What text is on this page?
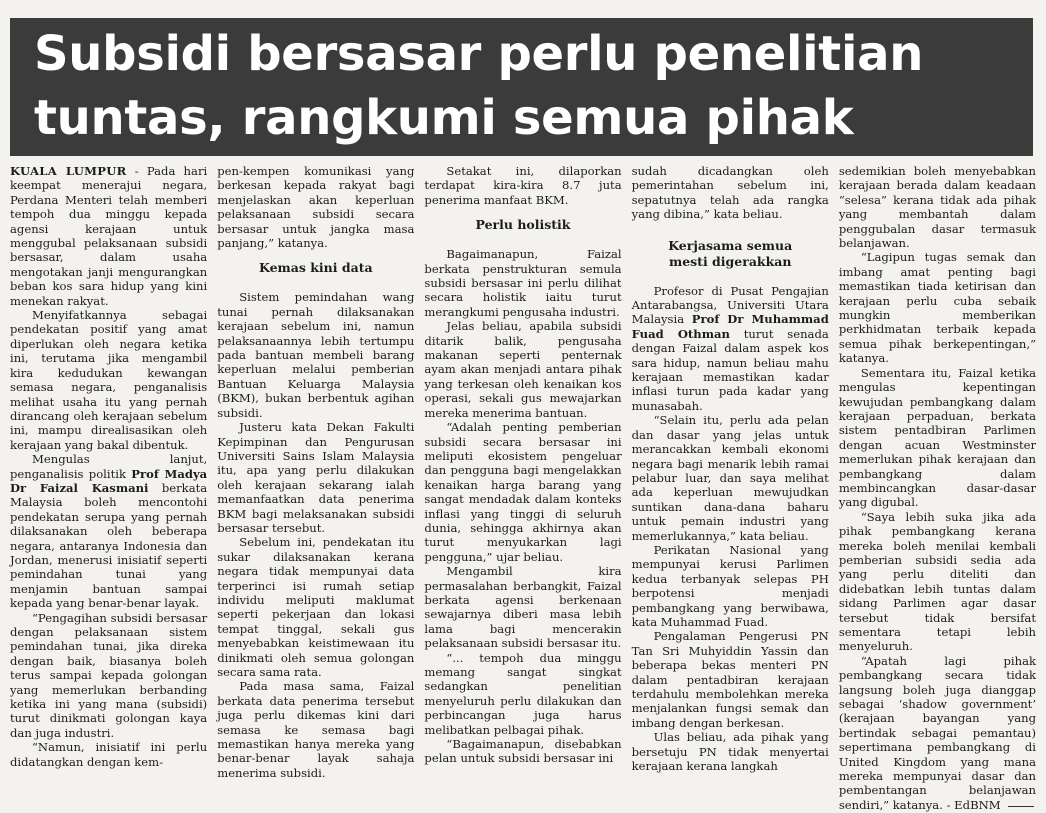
Subsidi bersasar perlu penelitian
tuntas, rangkumi semua pihak

KUALA LUMPUR - Pada hari keempat menerajui negara, Perdana Menteri telah memberi tempoh dua minggu kepada agensi kerajaan untuk menggubal pelaksanaan subsidi bersasar, dalam usaha mengotakan janji mengurangkan beban kos sara hidup yang kini menekan rakyat.

Menyifatkannya sebagai pendekatan positif yang amat diperlukan oleh negara ketika ini, terutama jika mengambil kira kedudukan kewangan semasa negara, penganalisis melihat usaha itu yang pernah dirancang oleh kerajaan sebelum ini, mampu direalisasikan oleh kerajaan yang bakal dibentuk.

Mengulas lanjut, penganalisis politik Prof Madya Dr Faizal Kasmani berkata Malaysia boleh mencontohi pendekatan serupa yang pernah dilaksanakan oleh beberapa negara, antaranya Indonesia dan Jordan, menerusi inisiatif seperti pemindahan tunai yang menjamin bantuan sampai kepada yang benar-benar layak.

“Pengagihan subsidi bersasar dengan pelaksanaan sistem pemindahan tunai, jika direka dengan baik, biasanya boleh terus sampai kepada golongan yang memerlukan berbanding ketika ini yang mana (subsidi) turut dinikmati golongan kaya dan juga industri.

“Namun, inisiatif ini perlu didatangkan dengan kem-

pen-kempen komunikasi yang berkesan kepada rakyat bagi menjelaskan akan keperluan pelaksanaan subsidi secara bersasar untuk jangka masa panjang,” katanya.

Kemas kini data

Sistem pemindahan wang tunai pernah dilaksanakan kerajaan sebelum ini, namun pelaksanaannya lebih tertumpu pada bantuan membeli barang keperluan melalui pemberian Bantuan Keluarga Malaysia (BKM), bukan berbentuk agihan subsidi.

Justeru kata Dekan Fakulti Kepimpinan dan Pengurusan Universiti Sains Islam Malaysia itu, apa yang perlu dilakukan oleh kerajaan sekarang ialah memanfaatkan data penerima BKM bagi melaksanakan subsidi bersasar tersebut.

Sebelum ini, pendekatan itu sukar dilaksanakan kerana negara tidak mempunyai data terperinci isi rumah setiap individu meliputi maklumat seperti pekerjaan dan lokasi tempat tinggal, sekali gus menyebabkan keistimewaan itu dinikmati oleh semua golongan secara sama rata.

Pada masa sama, Faizal berkata data penerima tersebut juga perlu dikemas kini dari semasa ke semasa bagi memastikan hanya mereka yang benar-benar layak sahaja menerima subsidi.

Setakat ini, dilaporkan terdapat kira-kira 8.7 juta penerima manfaat BKM.

Perlu holistik

Bagaimanapun, Faizal berkata penstrukturan semula subsidi bersasar ini perlu dilihat secara holistik iaitu turut merangkumi pengusaha industri.

Jelas beliau, apabila subsidi ditarik balik, pengusaha makanan seperti penternak ayam akan menjadi antara pihak yang terkesan oleh kenaikan kos operasi, sekali gus mewajarkan mereka menerima bantuan.

“Adalah penting pemberian subsidi secara bersasar ini meliputi ekosistem pengeluar dan pengguna bagi mengelakkan kenaikan harga barang yang sangat mendadak dalam konteks inflasi yang tinggi di seluruh dunia, sehingga akhirnya akan turut menyukarkan lagi pengguna,” ujar beliau.

Mengambil kira permasalahan berbangkit, Faizal berkata agensi berkenaan sewajarnya diberi masa lebih lama bagi mencerakin pelaksanaan subsidi bersasar itu.

“... tempoh dua minggu memang sangat singkat sedangkan penelitian menyeluruh perlu dilakukan dan perbincangan juga harus melibatkan pelbagai pihak.

“Bagaimanapun, disebabkan pelan untuk subsidi bersasar ini

sudah dicadangkan oleh pemerintahan sebelum ini, sepatutnya telah ada rangka yang dibina,” kata beliau.

Kerjasama semua
mesti digerakkan

Profesor di Pusat Pengajian Antarabangsa, Universiti Utara Malaysia Prof Dr Muhammad Fuad Othman turut senada dengan Faizal dalam aspek kos sara hidup, namun beliau mahu kerajaan memastikan kadar inflasi turun pada kadar yang munasabah.

“Selain itu, perlu ada pelan dan dasar yang jelas untuk merancakkan kembali ekonomi negara bagi menarik lebih ramai pelabur luar, dan saya melihat ada keperluan mewujudkan suntikan dana-dana baharu untuk pemain industri yang memerlukannya,” kata beliau.

Perikatan Nasional yang mempunyai kerusi Parlimen kedua terbanyak selepas PH berpotensi menjadi pembangkang yang berwibawa, kata Muhammad Fuad.

Pengalaman Pengerusi PN Tan Sri Muhyiddin Yassin dan beberapa bekas menteri PN dalam pentadbiran kerajaan terdahulu membolehkan mereka menjalankan fungsi semak dan imbang dengan berkesan.

Ulas beliau, ada pihak yang bersetuju PN tidak menyertai kerajaan kerana langkah

sedemikian boleh menyebabkan kerajaan berada dalam keadaan “selesa” kerana tidak ada pihak yang membantah dalam penggubalan dasar termasuk belanjawan.

“Lagipun tugas semak dan imbang amat penting bagi memastikan tiada ketirisan dan kerajaan perlu cuba sebaik mungkin memberikan perkhidmatan terbaik kepada semua pihak berkepentingan,” katanya.

Sementara itu, Faizal ketika mengulas kepentingan kewujudan pembangkang dalam kerajaan perpaduan, berkata sistem pentadbiran Parlimen dengan acuan Westminster memerlukan pihak kerajaan dan pembangkang dalam membincangkan dasar-dasar yang digubal.

“Saya lebih suka jika ada pihak pembangkang kerana mereka boleh menilai kembali pemberian subsidi sedia ada yang perlu diteliti dan didebatkan lebih tuntas dalam sidang Parlimen agar dasar tersebut tidak bersifat sementara tetapi lebih menyeluruh.

“Apatah lagi pihak pembangkang secara tidak langsung boleh juga dianggap sebagai ‘shadow government’ (kerajaan bayangan yang bertindak sebagai pemantau) sepertimana pembangkang di United Kingdom yang mana mereka mempunyai dasar dan pembentangan belanjawan sendiri,” katanya. - EdBNM
